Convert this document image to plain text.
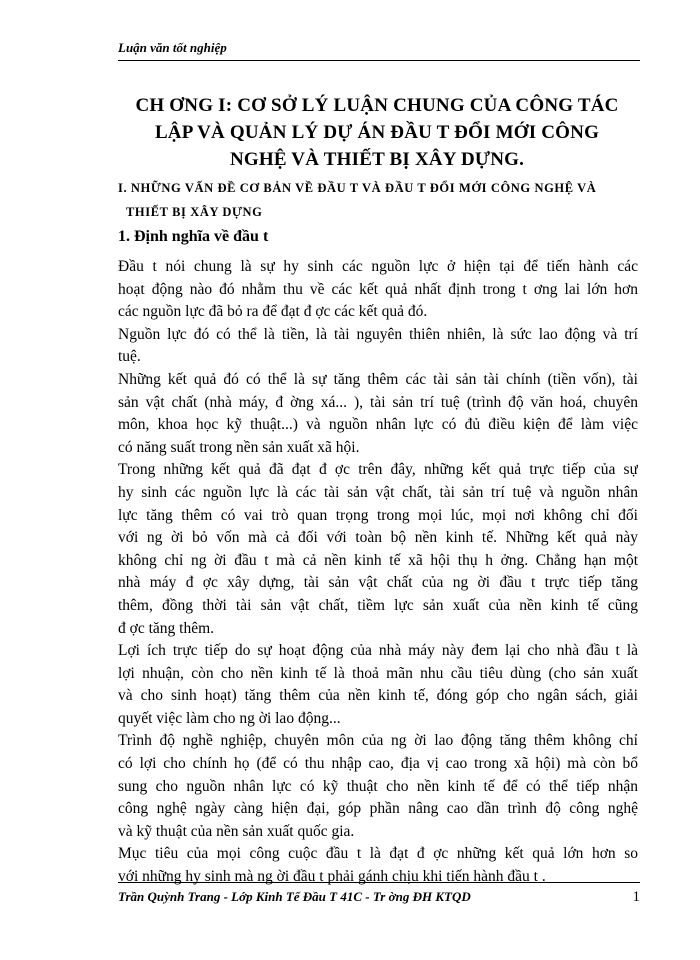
Luận văn tốt nghiệp
CH ƠNG I: CƠ SỞ LÝ LUẬN CHUNG CỦA CÔNG TÁC
LẬP VÀ QUẢN LÝ DỰ ÁN ĐẦU T ĐỔI MỚI CÔNG
NGHỆ VÀ THIẾT BỊ XÂY DỰNG.
I. NHỮNG VẤN ĐỀ CƠ BẢN VỀ ĐẦU T VÀ ĐẦU T ĐỔI MỚI CÔNG NGHỆ VÀ
THIẾT BỊ XÂY DỰNG
1. Định nghĩa về đầu t

Đầu t nói chung là sự hy sinh các nguồn lực ở hiện tại để tiến hành các
hoạt động nào đó nhằm thu về các kết quả nhất định trong t ơng lai lớn hơn
các nguồn lực đã bỏ ra để đạt đ ợc các kết quả đó.

Nguồn lực đó có thể là tiền, là tài nguyên thiên nhiên, là sức lao động và trí
tuệ.

Những kết quả đó có thể là sự tăng thêm các tài sản tài chính (tiền vốn), tài
sản vật chất (nhà máy, đ ờng xá... ), tài sản trí tuệ (trình độ văn hoá, chuyên
môn, khoa học kỹ thuật...) và nguồn nhân lực có đủ điều kiện để làm việc
có năng suất trong nền sản xuất xã hội.

Trong những kết quả đã đạt đ ợc trên đây, những kết quả trực tiếp của sự
hy sinh các nguồn lực là các tài sản vật chất, tài sản trí tuệ và nguồn nhân
lực tăng thêm có vai trò quan trọng trong mọi lúc, mọi nơi không chỉ đối
với ng ời bỏ vốn mà cả đối với toàn bộ nền kinh tế. Những kết quả này
không chỉ ng ời đầu t mà cả nền kinh tế xã hội thụ h ởng. Chẳng hạn một
nhà máy đ ợc xây dựng, tài sản vật chất của ng ời đầu t trực tiếp tăng
thêm, đồng thời tài sản vật chất, tiềm lực sản xuất của nền kinh tế cũng
đ ợc tăng thêm.

Lợi ích trực tiếp do sự hoạt động của nhà máy này đem lại cho nhà đầu t là
lợi nhuận, còn cho nền kinh tế là thoả mãn nhu cầu tiêu dùng (cho sản xuất
và cho sinh hoạt) tăng thêm của nền kinh tế, đóng góp cho ngân sách, giải
quyết việc làm cho ng ời lao động...

Trình độ nghề nghiệp, chuyên môn của ng ời lao động tăng thêm không chỉ
có lợi cho chính họ (để có thu nhập cao, địa vị cao trong xã hội) mà còn bổ
sung cho nguồn nhân lực có kỹ thuật cho nền kinh tế để có thể tiếp nhận
công nghệ ngày càng hiện đại, góp phần nâng cao dần trình độ công nghệ
và kỹ thuật của nền sản xuất quốc gia.

Mục tiêu của mọi công cuộc đầu t là đạt đ ợc những kết quả lớn hơn so
với những hy sinh mà ng ời đầu t phải gánh chịu khi tiến hành đầu t .

Trần Quỳnh Trang - Lớp Kinh Tế Đầu T 41C - Tr ờng ĐH KTQD	1
